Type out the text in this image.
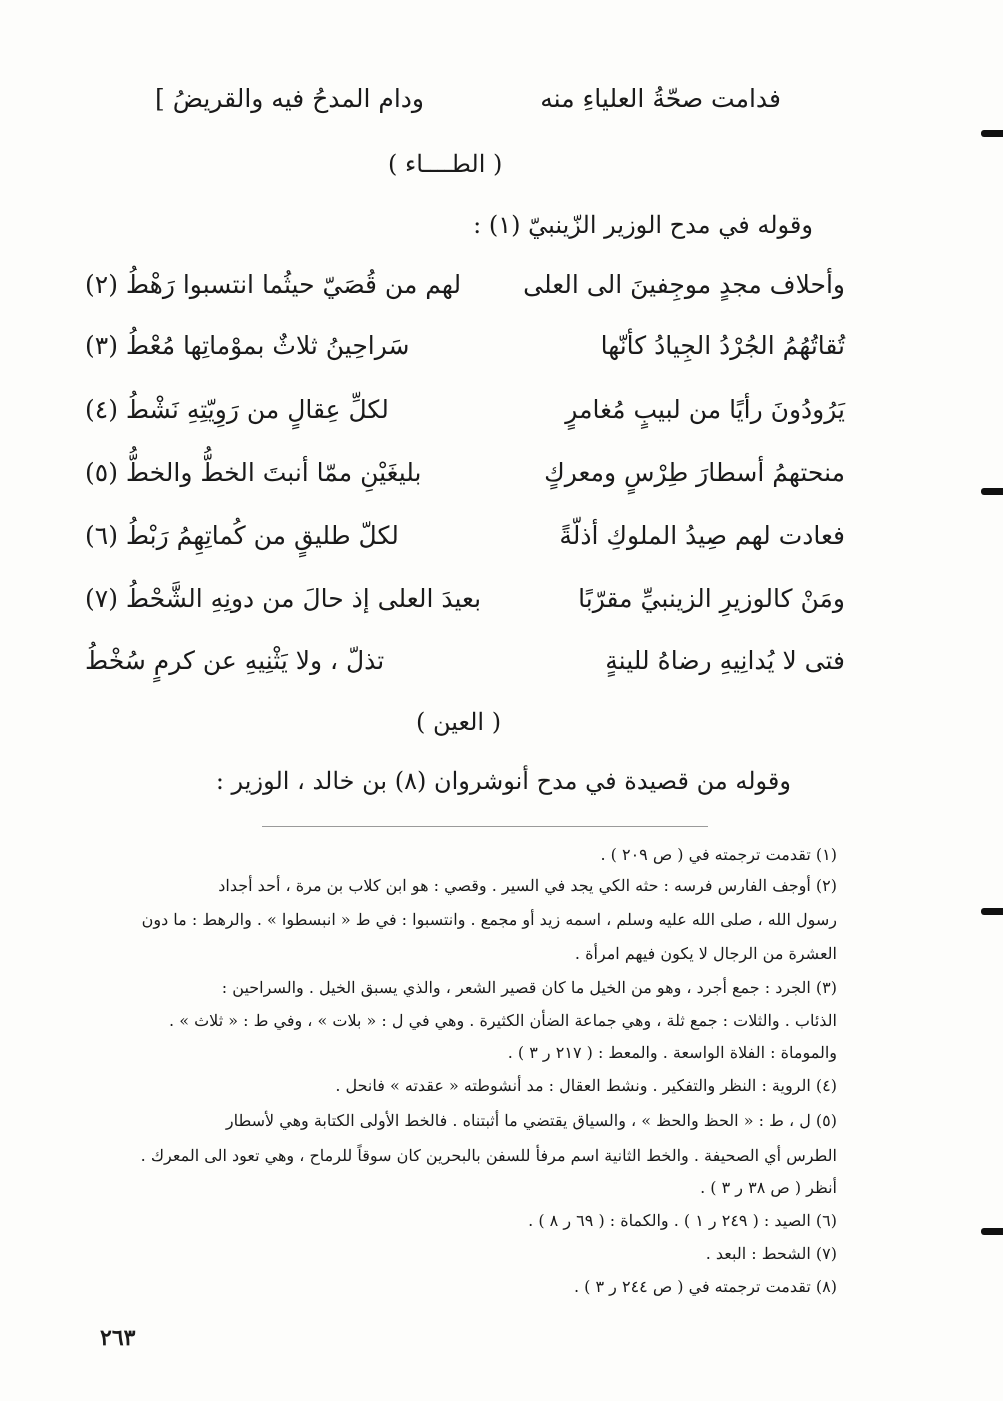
فدامت صحّةُ العلياءِ منه
ودام المدحُ فيه والقريضُ ]
( الطــــاء )
وقوله في مدح الوزير الزّينبيّ (١) :
وأحلاف مجدٍ موجِفينَ الى العلى
لهم من قُصَيّ حيثُما انتسبوا رَهْطُ (٢)
تُقاتُهُمُ الجُرْدُ الجِيادُ كأنّها
سَراحِينُ ثلاثٌ بموْماتِها مُعْطُ (٣)
يَرُودُونَ رأيًا من لبيبٍ مُغامرٍ
لكلِّ عِقالٍ من رَوِيّتِهِ نَشْطُ (٤)
منحتهمُ أسطارَ طِرْسٍ ومعركٍ
بليغَيْنِ ممّا أنبتَ الخطُّ والخطُّ (٥)
فعادت لهم صِيدُ الملوكِ أذلّةً
لكلّ طليقٍ من كُماتِهِمُ رَبْطُ (٦)
ومَنْ كالوزيرِ الزينبيِّ مقرّبًا
بعيدَ العلى إذ حالَ من دونِهِ الشَّحْطُ (٧)
فتى لا يُدانِيهِ رضاهُ للينةٍ
تذلّ ، ولا يَثْنِيهِ عن كرمٍ سُخْطُ
( العين )
وقوله من قصيدة في مدح أنوشروان (٨) بن خالد ، الوزير :
(١) تقدمت ترجمته في ( ص ٢٠٩ ) .
(٢) أوجف الفارس فرسه : حثه الكي يجد في السير . وقصي : هو ابن كلاب بن مرة ، أحد أجداد
رسول الله ، صلى الله عليه وسلم ، اسمه زيد أو مجمع . وانتسبوا : في ط « انبسطوا » . والرهط : ما دون
العشرة من الرجال لا يكون فيهم امرأة .
(٣) الجرد : جمع أجرد ، وهو من الخيل ما كان قصير الشعر ، والذي يسبق الخيل . والسراحين :
الذئاب . والثلات : جمع ثلة ، وهي جماعة الضأن الكثيرة . وهي في ل : « بلات » ، وفي ط : « ثلاث » .
والموماة : الفلاة الواسعة . والمعط : ( ٢١٧ ر ٣ ) .
(٤) الروية : النظر والتفكير . ونشط العقال : مد أنشوطته « عقدته » فانحل .
(٥) ل ، ط : « الحظ والحظ » ، والسياق يقتضي ما أثبتناه . فالخط الأولى الكتابة وهي لأسطار
الطرس أي الصحيفة . والخط الثانية اسم مرفأ للسفن بالبحرين كان سوقاً للرماح ، وهي تعود الى المعرك .
أنظر ( ص ٣٨ ر ٣ ) .
(٦) الصيد : ( ٢٤٩ ر ١ ) . والكماة : ( ٦٩ ر ٨ ) .
(٧) الشحط : البعد .
(٨) تقدمت ترجمته في ( ص ٢٤٤ ر ٣ ) .
٢٦٣
